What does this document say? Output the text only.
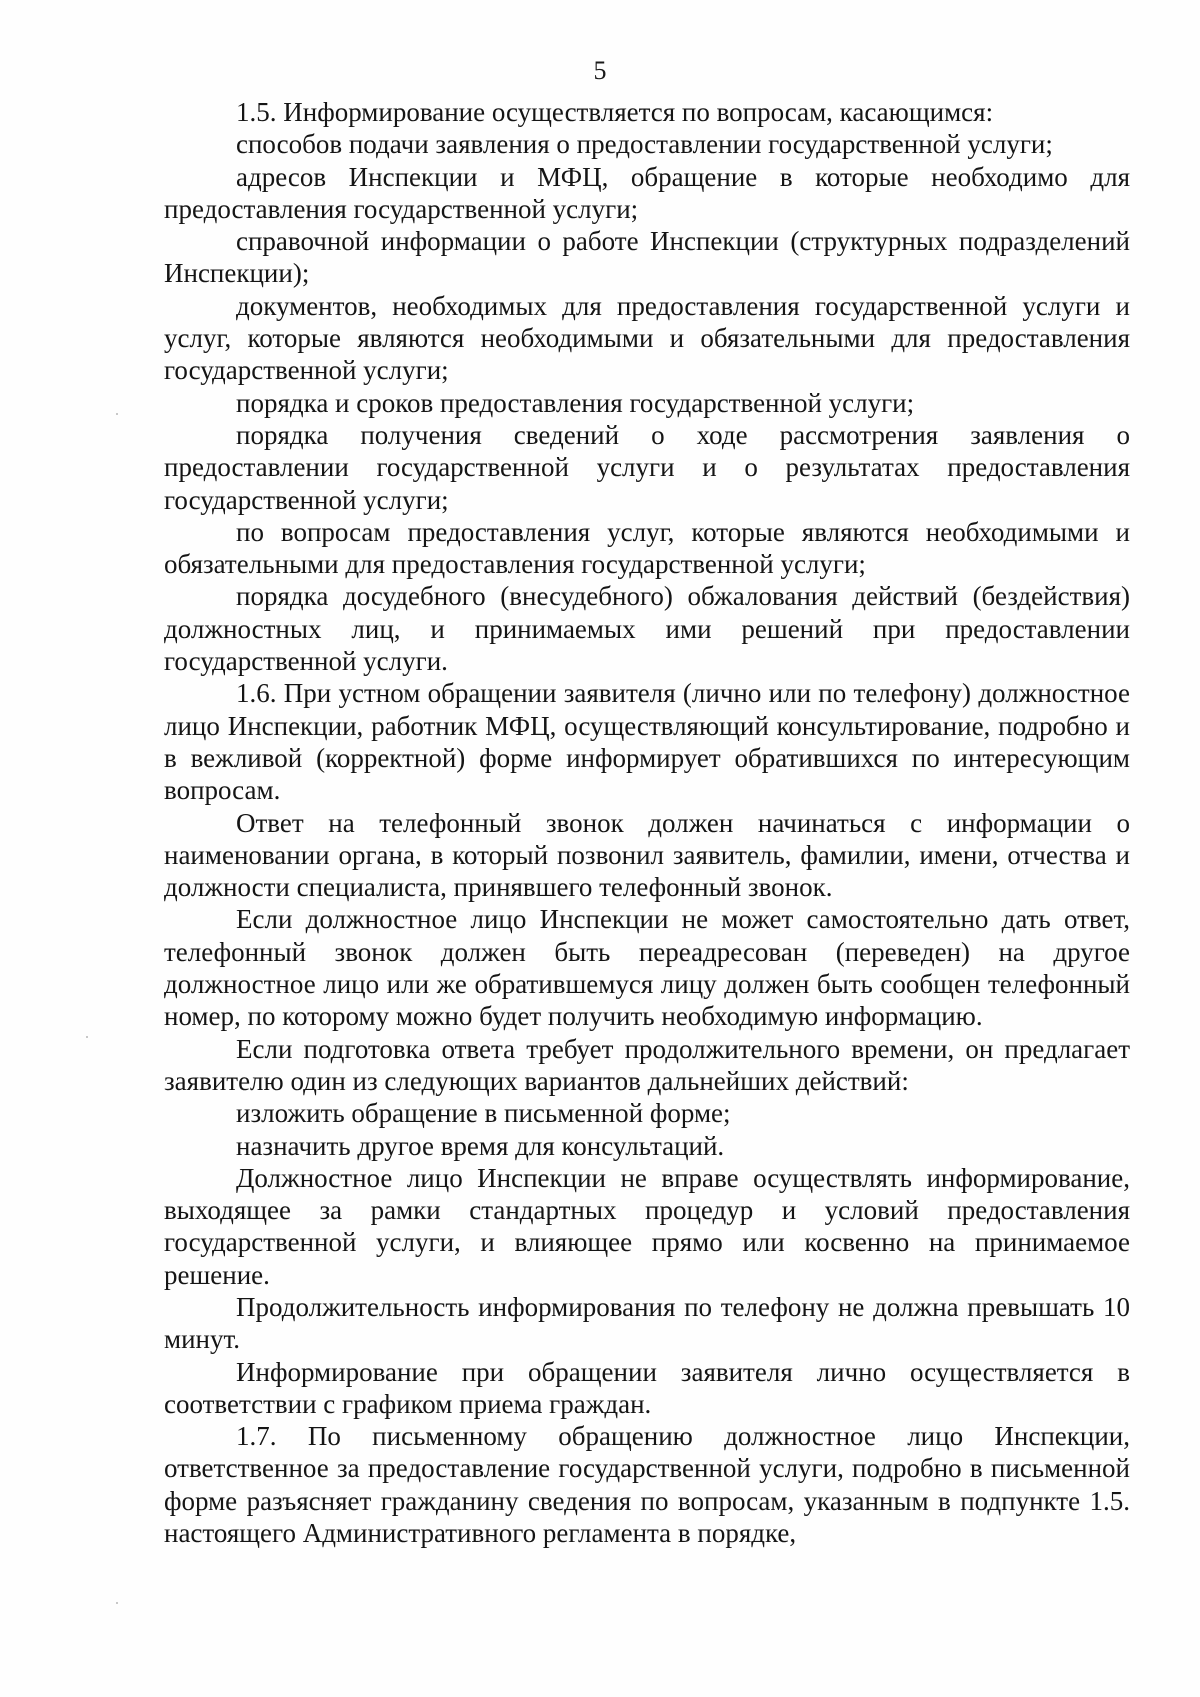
5

1.5. Информирование осуществляется по вопросам, касающимся:

способов подачи заявления о предоставлении государственной услуги;

адресов Инспекции и МФЦ, обращение в которые необходимо для предоставления государственной услуги;

справочной информации о работе Инспекции (структурных подразделений Инспекции);

документов, необходимых для предоставления государственной услуги и услуг, которые являются необходимыми и обязательными для предоставления государственной услуги;

порядка и сроков предоставления государственной услуги;

порядка получения сведений о ходе рассмотрения заявления о предоставлении государственной услуги и о результатах предоставления государственной услуги;

по вопросам предоставления услуг, которые являются необходимыми и обязательными для предоставления государственной услуги;

порядка досудебного (внесудебного) обжалования действий (бездействия) должностных лиц, и принимаемых ими решений при предоставлении государственной услуги.

1.6. При устном обращении заявителя (лично или по телефону) должностное лицо Инспекции, работник МФЦ, осуществляющий консультирование, подробно и в вежливой (корректной) форме информирует обратившихся по интересующим вопросам.

Ответ на телефонный звонок должен начинаться с информации о наименовании органа, в который позвонил заявитель, фамилии, имени, отчества и должности специалиста, принявшего телефонный звонок.

Если должностное лицо Инспекции не может самостоятельно дать ответ, телефонный звонок должен быть переадресован (переведен) на другое должностное лицо или же обратившемуся лицу должен быть сообщен телефонный номер, по которому можно будет получить необходимую информацию.

Если подготовка ответа требует продолжительного времени, он предлагает заявителю один из следующих вариантов дальнейших действий:

изложить обращение в письменной форме;

назначить другое время для консультаций.

Должностное лицо Инспекции не вправе осуществлять информирование, выходящее за рамки стандартных процедур и условий предоставления государственной услуги, и влияющее прямо или косвенно на принимаемое решение.

Продолжительность информирования по телефону не должна превышать 10 минут.

Информирование при обращении заявителя лично осуществляется в соответствии с графиком приема граждан.

1.7. По письменному обращению должностное лицо Инспекции, ответственное за предоставление государственной услуги, подробно в письменной форме разъясняет гражданину сведения по вопросам, указанным в подпункте 1.5. настоящего Административного регламента в порядке,
